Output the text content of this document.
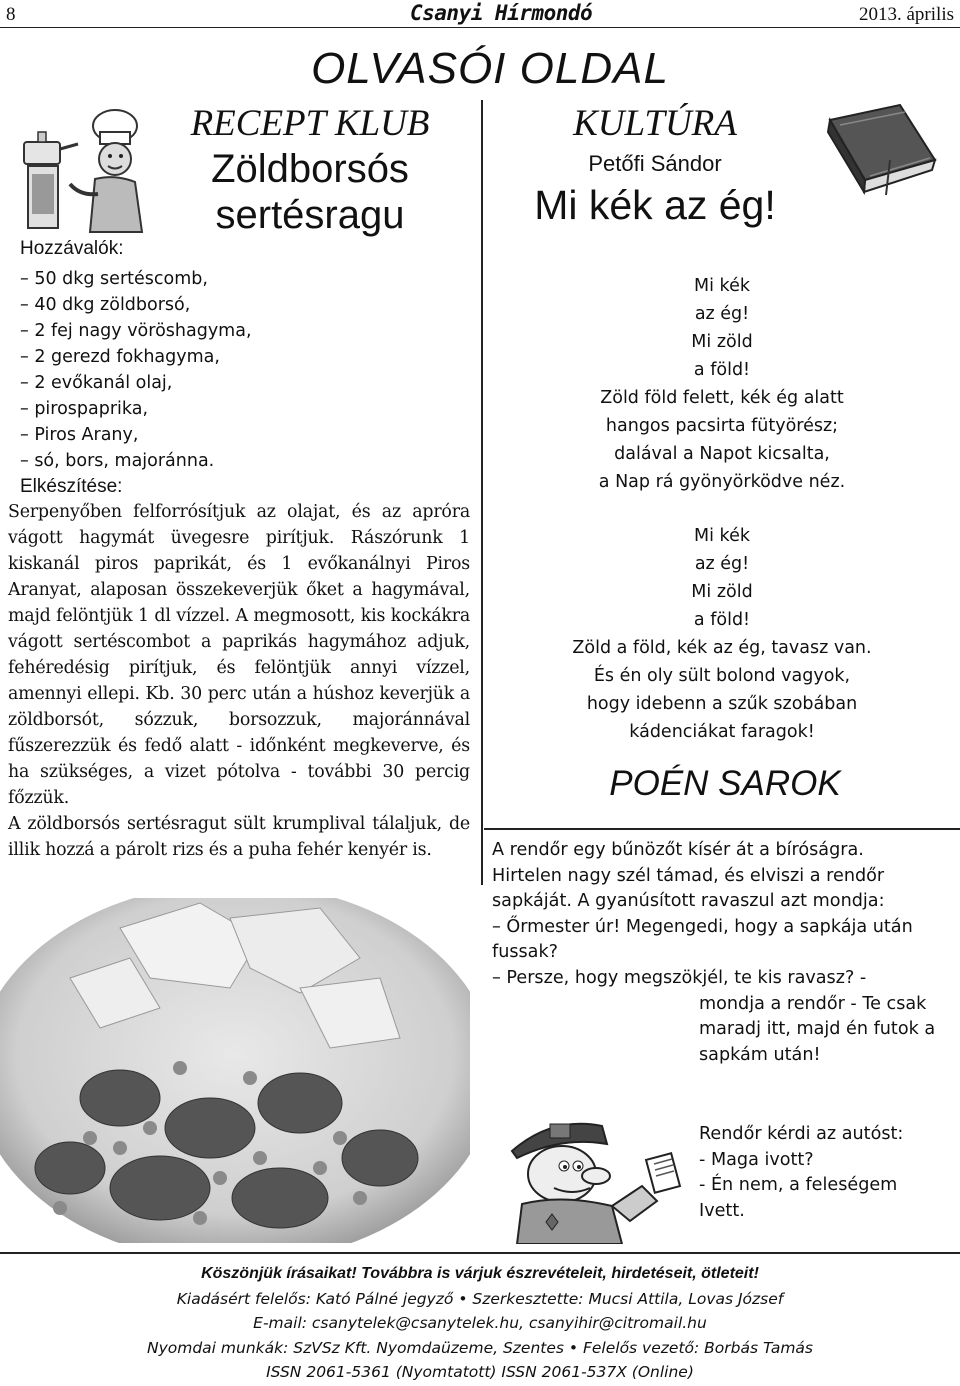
8	Csanyi Hírmondó	2013. április
OLVASÓI OLDAL
RECEPT KLUB
Zöldborsós
sertésragu
Hozzávalók:
– 50 dkg sertéscomb,
– 40 dkg zöldborsó,
– 2 fej nagy vöröshagyma,
– 2 gerezd fokhagyma,
– 2 evőkanál olaj,
– pirospaprika,
– Piros Arany,
– só, bors, majoránna.
Elkészítése:

Serpenyőben felforrósítjuk az olajat, és az apróra vágott hagymát üvegesre pirítjuk. Rászórunk 1 kiskanál piros paprikát, és 1 evőkanálnyi Piros Aranyat, alaposan összekeverjük őket a hagymával, majd felöntjük 1 dl vízzel. A megmosott, kis kockákra vágott sertéscombot a paprikás hagymához adjuk, fehéredésig pirítjuk, és felöntjük annyi vízzel, amennyi ellepi. Kb. 30 perc után a húshoz keverjük a zöldborsót, sózzuk, borsozzuk, majoránnával fűszerezzük és fedő alatt - időnként megkeverve, és ha szükséges, a vizet pótolva - további 30 percig főzzük.

A zöldborsós sertésragut sült krumplival tálaljuk, de illik hozzá a párolt rizs és a puha fehér kenyér is.

KULTÚRA
Petőfi Sándor
Mi kék az ég!
Mi kék
az ég!
Mi zöld
a föld!
Zöld föld felett, kék ég alatt
hangos pacsirta fütyörész;
dalával a Napot kicsalta,
a Nap rá gyönyörködve néz.
Mi kék
az ég!
Mi zöld
a föld!
Zöld a föld, kék az ég, tavasz van.
És én oly sült bolond vagyok,
hogy idebenn a szűk szobában
kádenciákat faragok!
POÉN SAROK
A rendőr egy bűnözőt kísér át a bíróságra.
Hirtelen nagy szél támad, és elviszi a rendőr
sapkáját. A gyanúsított ravaszul azt mondja:
– Őrmester úr! Megengedi, hogy a sapkája után
fussak?
– Persze, hogy megszökjél, te kis ravasz? -
mondja a rendőr - Te csak
maradj itt, majd én futok a
sapkám után!
Rendőr kérdi az autóst:
- Maga ivott?
- Én nem, a feleségem
Ivett.
Köszönjük írásaikat! Továbbra is várjuk észrevételeit, hirdetéseit, ötleteit!
Kiadásért felelős: Kató Pálné jegyző • Szerkesztette: Mucsi Attila, Lovas József
E-mail: csanytelek@csanytelek.hu, csanyihir@citromail.hu
Nyomdai munkák: SzVSz Kft. Nyomdaüzeme, Szentes • Felelős vezető: Borbás Tamás
ISSN 2061-5361 (Nyomtatott) ISSN 2061-537X (Online)
